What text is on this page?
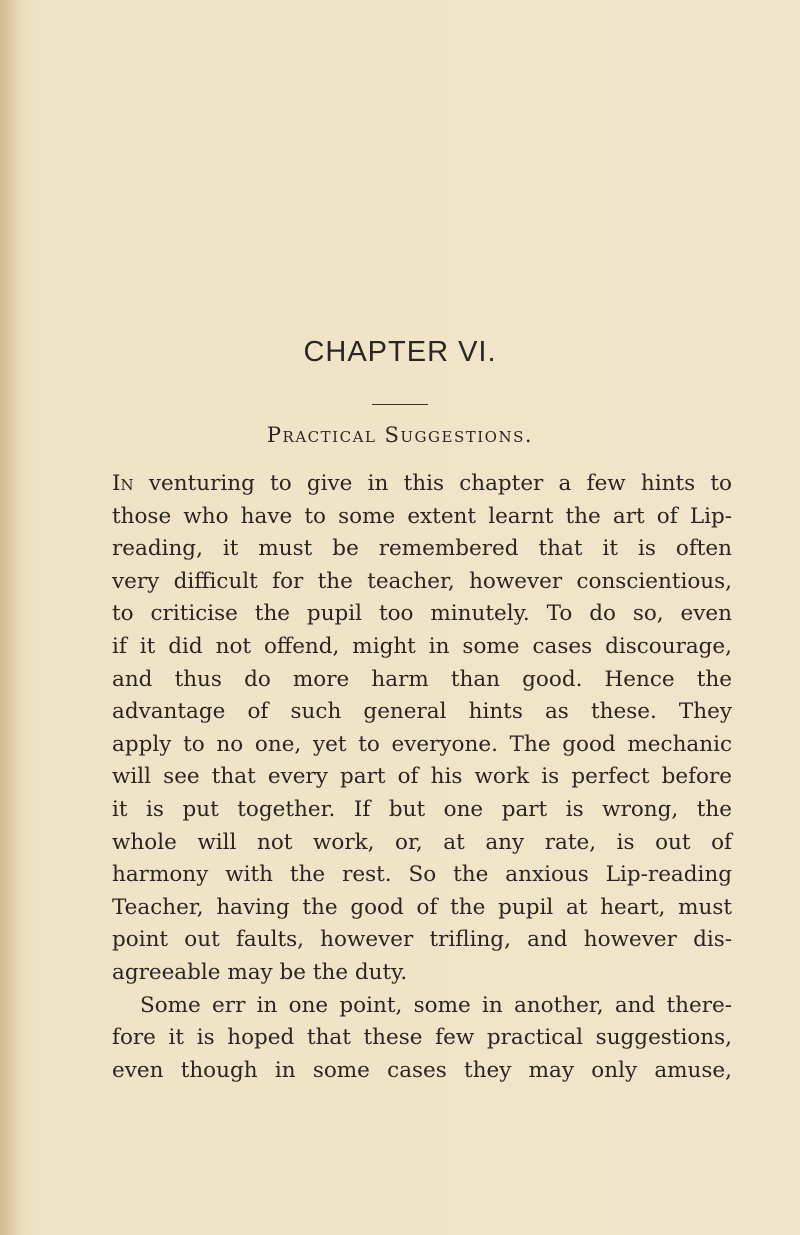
CHAPTER VI.
Practical Suggestions.
In venturing to give in this chapter a few hints to
those who have to some extent learnt the art of Lip-
reading, it must be remembered that it is often
very difficult for the teacher, however conscientious,
to criticise the pupil too minutely. To do so, even
if it did not offend, might in some cases discourage,
and thus do more harm than good. Hence the
advantage of such general hints as these. They
apply to no one, yet to everyone. The good mechanic
will see that every part of his work is perfect before
it is put together. If but one part is wrong, the
whole will not work, or, at any rate, is out of
harmony with the rest. So the anxious Lip-reading
Teacher, having the good of the pupil at heart, must
point out faults, however trifling, and however dis-
agreeable may be the duty.
Some err in one point, some in another, and there-
fore it is hoped that these few practical suggestions,
even though in some cases they may only amuse,
